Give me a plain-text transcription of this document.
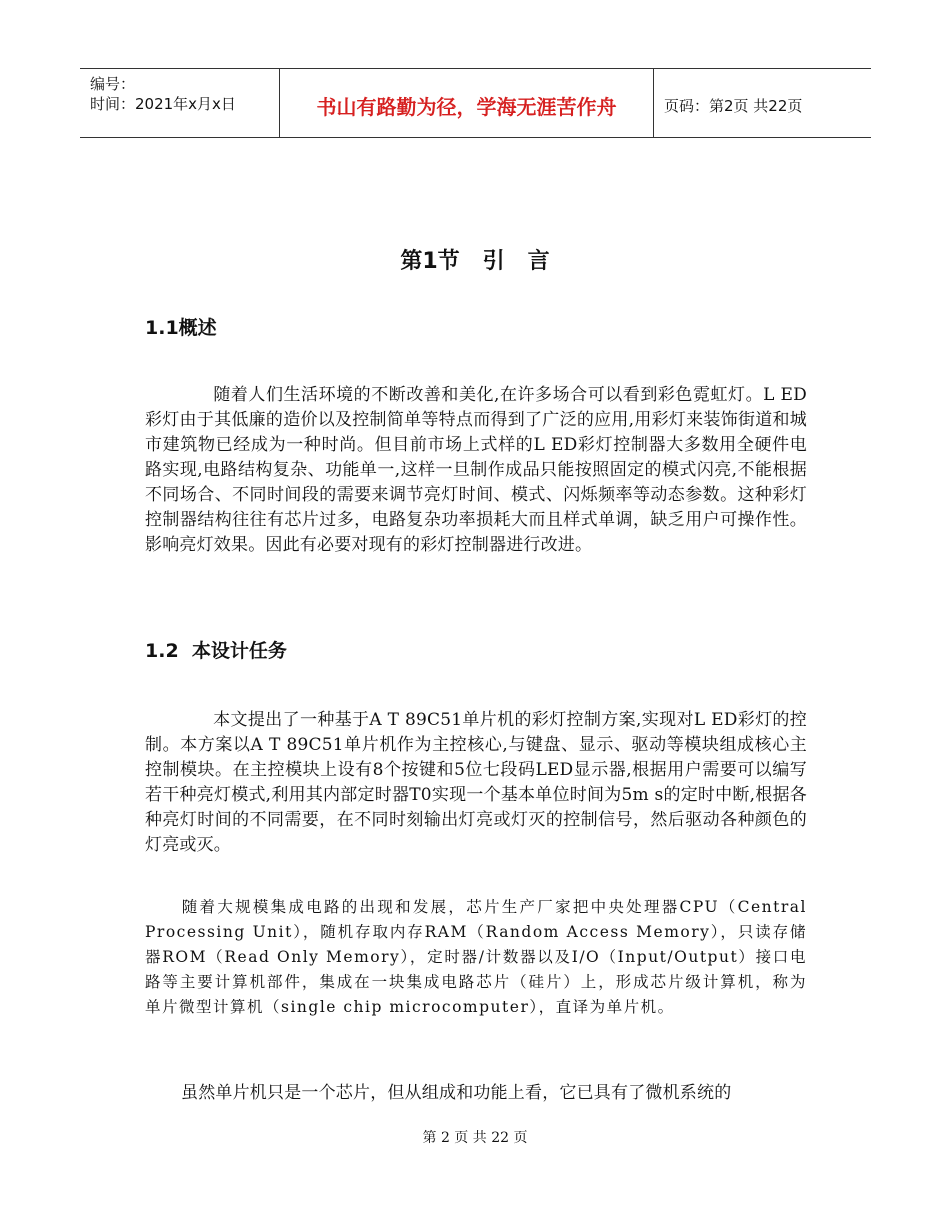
编号：
时间：2021年x月x日	书山有路勤为径，学海无涯苦作舟	页码：第2页 共22页
第1节   引   言
1.1概述
随着人们生活环境的不断改善和美化,在许多场合可以看到彩色霓虹灯。L ED彩灯由于其低廉的造价以及控制简单等特点而得到了广泛的应用,用彩灯来装饰街道和城市建筑物已经成为一种时尚。但目前市场上式样的L ED彩灯控制器大多数用全硬件电路实现,电路结构复杂、功能单一,这样一旦制作成品只能按照固定的模式闪亮,不能根据不同场合、不同时间段的需要来调节亮灯时间、模式、闪烁频率等动态参数。这种彩灯控制器结构往往有芯片过多，电路复杂功率损耗大而且样式单调，缺乏用户可操作性。影响亮灯效果。因此有必要对现有的彩灯控制器进行改进。
1.2  本设计任务
本文提出了一种基于A T 89C51单片机的彩灯控制方案,实现对L ED彩灯的控制。本方案以A T 89C51单片机作为主控核心,与键盘、显示、驱动等模块组成核心主控制模块。在主控模块上设有8个按键和5位七段码LED显示器,根据用户需要可以编写若干种亮灯模式,利用其内部定时器T0实现一个基本单位时间为5m s的定时中断,根据各种亮灯时间的不同需要，在不同时刻输出灯亮或灯灭的控制信号，然后驱动各种颜色的灯亮或灭。
随着大规模集成电路的出现和发展，芯片生产厂家把中央处理器CPU（Central Processing Unit），随机存取内存RAM（Random Access Memory），只读存储器ROM（Read Only Memory），定时器/计数器以及I/O（Input/Output）接口电路等主要计算机部件，集成在一块集成电路芯片（硅片）上，形成芯片级计算机，称为单片微型计算机（single chip microcomputer），直译为单片机。
虽然单片机只是一个芯片，但从组成和功能上看，它已具有了微机系统的
第 2 页 共 22 页
